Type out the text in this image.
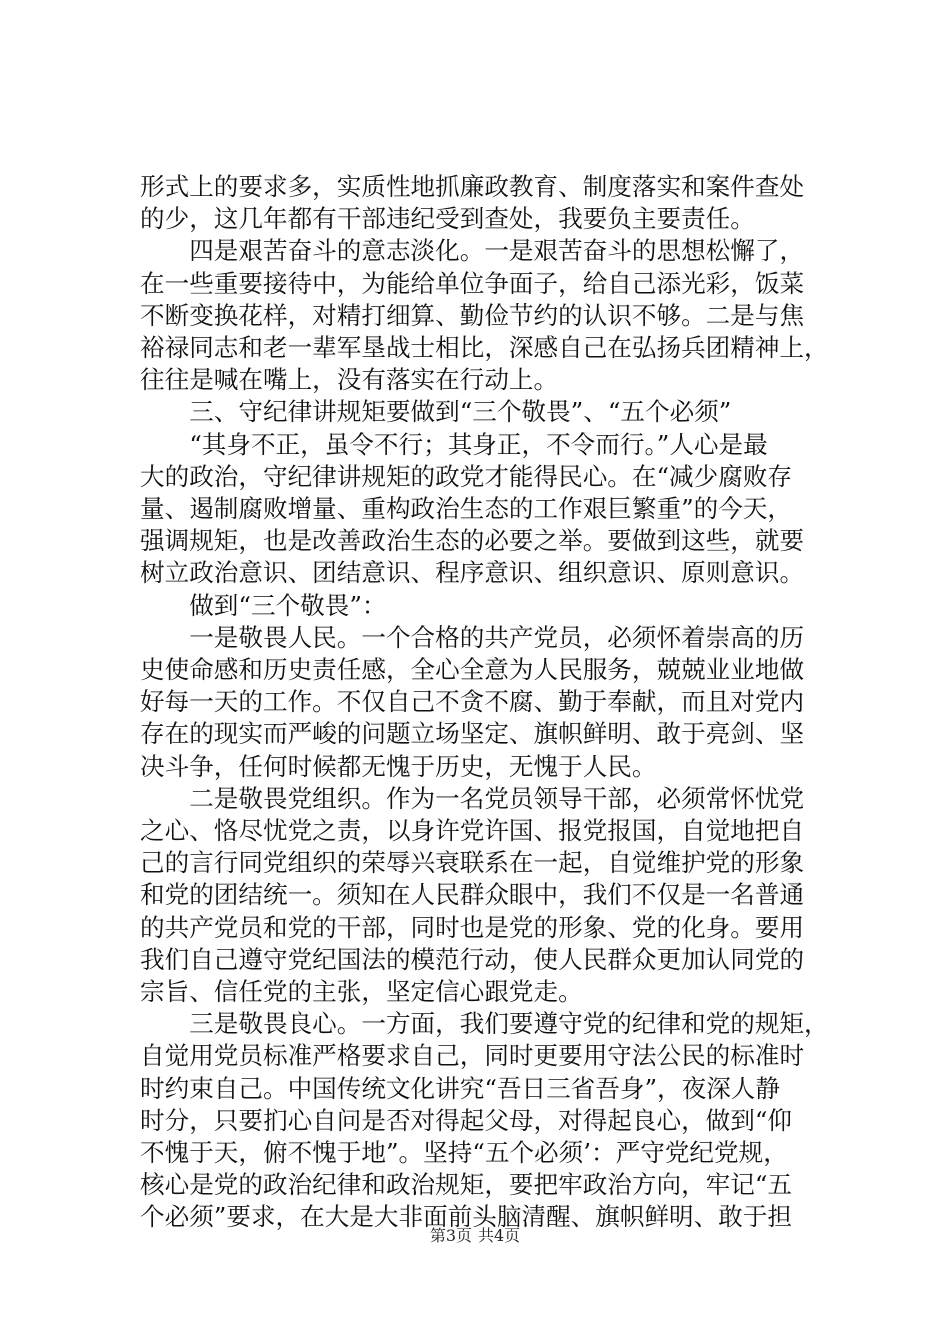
形式上的要求多，实质性地抓廉政教育、制度落实和案件查处
的少，这几年都有干部违纪受到查处，我要负主要责任。
　　四是艰苦奋斗的意志淡化。一是艰苦奋斗的思想松懈了，
在一些重要接待中，为能给单位争面子，给自己添光彩，饭菜
不断变换花样，对精打细算、勤俭节约的认识不够。二是与焦
裕禄同志和老一辈军垦战士相比，深感自己在弘扬兵团精神上，
往往是喊在嘴上，没有落实在行动上。
　　三、守纪律讲规矩要做到“三个敬畏”、“五个必须”
　　“其身不正，虽令不行；其身正，不令而行。”人心是最
大的政治，守纪律讲规矩的政党才能得民心。在“减少腐败存
量、遏制腐败增量、重构政治生态的工作艰巨繁重”的今天，
强调规矩，也是改善政治生态的必要之举。要做到这些，就要
树立政治意识、团结意识、程序意识、组织意识、原则意识。
　　做到“三个敬畏”：
　　一是敬畏人民。一个合格的共产党员，必须怀着崇高的历
史使命感和历史责任感，全心全意为人民服务，兢兢业业地做
好每一天的工作。不仅自己不贪不腐、勤于奉献，而且对党内
存在的现实而严峻的问题立场坚定、旗帜鲜明、敢于亮剑、坚
决斗争，任何时候都无愧于历史，无愧于人民。
　　二是敬畏党组织。作为一名党员领导干部，必须常怀忧党
之心、恪尽忧党之责，以身许党许国、报党报国，自觉地把自
己的言行同党组织的荣辱兴衰联系在一起，自觉维护党的形象
和党的团结统一。须知在人民群众眼中，我们不仅是一名普通
的共产党员和党的干部，同时也是党的形象、党的化身。要用
我们自己遵守党纪国法的模范行动，使人民群众更加认同党的
宗旨、信任党的主张，坚定信心跟党走。
　　三是敬畏良心。一方面，我们要遵守党的纪律和党的规矩，
自觉用党员标准严格要求自己，同时更要用守法公民的标准时
时约束自己。中国传统文化讲究“吾日三省吾身”，夜深人静
时分，只要扪心自问是否对得起父母，对得起良心，做到“仰
不愧于天，俯不愧于地”。坚持“五个必须’：严守党纪党规，
核心是党的政治纪律和政治规矩，要把牢政治方向，牢记“五
个必须”要求，在大是大非面前头脑清醒、旗帜鲜明、敢于担
第3页 共4页
